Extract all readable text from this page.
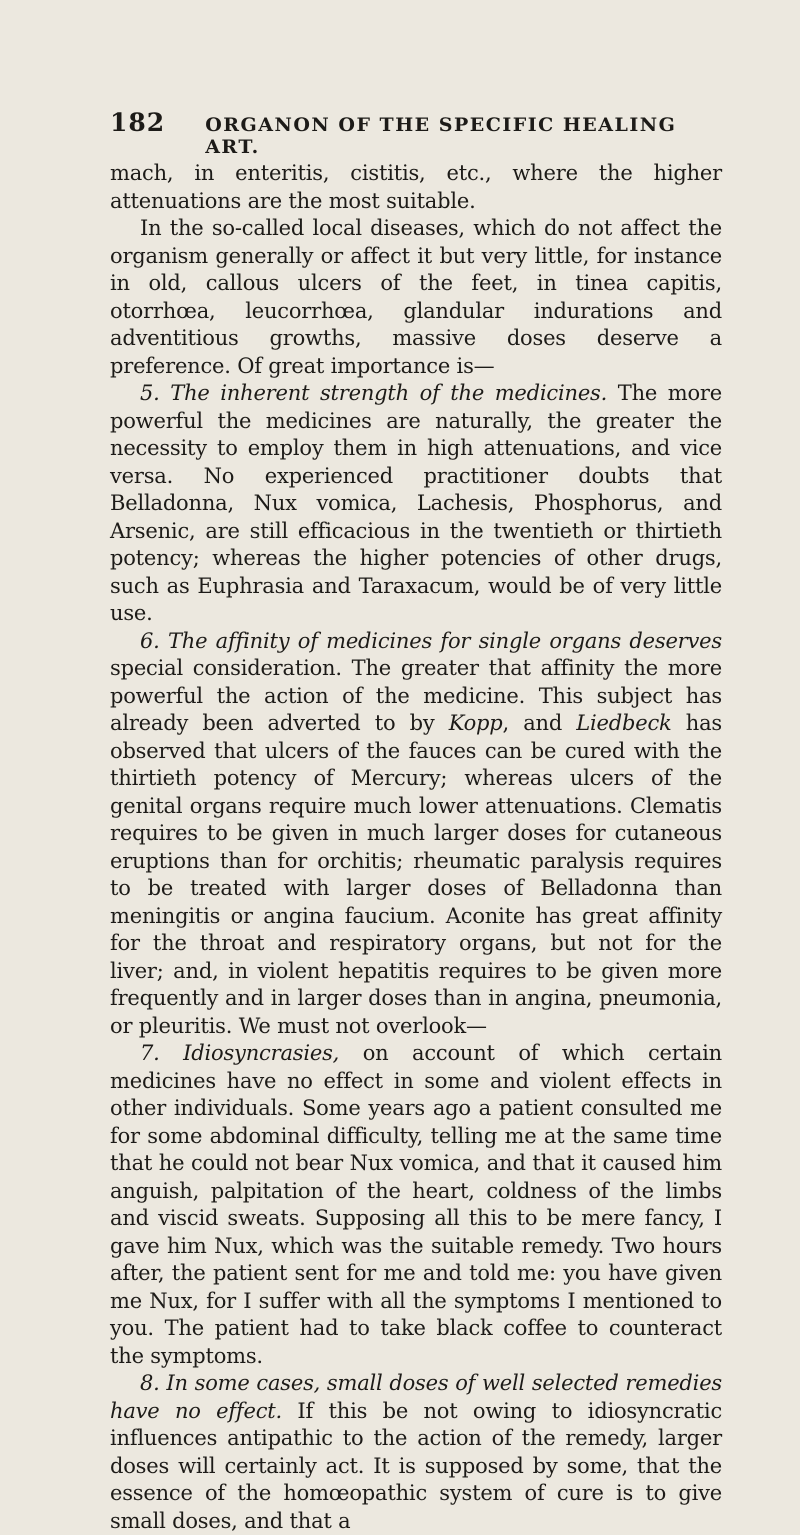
182 ORGANON OF THE SPECIFIC HEALING ART.

mach, in enteritis, cistitis, etc., where the higher attenuations are the most suitable.

In the so-called local diseases, which do not affect the organism generally or affect it but very little, for instance in old, callous ulcers of the feet, in tinea capitis, otorrhœa, leucorrhœa, glandular indurations and adventitious growths, massive doses deserve a preference. Of great importance is—

5. The inherent strength of the medicines. The more powerful the medicines are naturally, the greater the necessity to employ them in high attenuations, and vice versa. No experienced practitioner doubts that Belladonna, Nux vomica, Lachesis, Phosphorus, and Arsenic, are still efficacious in the twentieth or thirtieth potency; whereas the higher potencies of other drugs, such as Euphrasia and Taraxacum, would be of very little use.

6. The affinity of medicines for single organs deserves special consideration. The greater that affinity the more powerful the action of the medicine. This subject has already been adverted to by Kopp, and Liedbeck has observed that ulcers of the fauces can be cured with the thirtieth potency of Mercury; whereas ulcers of the genital organs require much lower attenuations. Clematis requires to be given in much larger doses for cutaneous eruptions than for orchitis; rheumatic paralysis requires to be treated with larger doses of Belladonna than meningitis or angina faucium. Aconite has great affinity for the throat and respiratory organs, but not for the liver; and, in violent hepatitis requires to be given more frequently and in larger doses than in angina, pneumonia, or pleuritis. We must not overlook—

7. Idiosyncrasies, on account of which certain medicines have no effect in some and violent effects in other individuals. Some years ago a patient consulted me for some abdominal difficulty, telling me at the same time that he could not bear Nux vomica, and that it caused him anguish, palpitation of the heart, coldness of the limbs and viscid sweats. Supposing all this to be mere fancy, I gave him Nux, which was the suitable remedy. Two hours after, the patient sent for me and told me: you have given me Nux, for I suffer with all the symptoms I mentioned to you. The patient had to take black coffee to counteract the symptoms.

8. In some cases, small doses of well selected remedies have no effect. If this be not owing to idiosyncratic influences antipathic to the action of the remedy, larger doses will certainly act. It is supposed by some, that the essence of the homœopathic system of cure is to give small doses, and that a
